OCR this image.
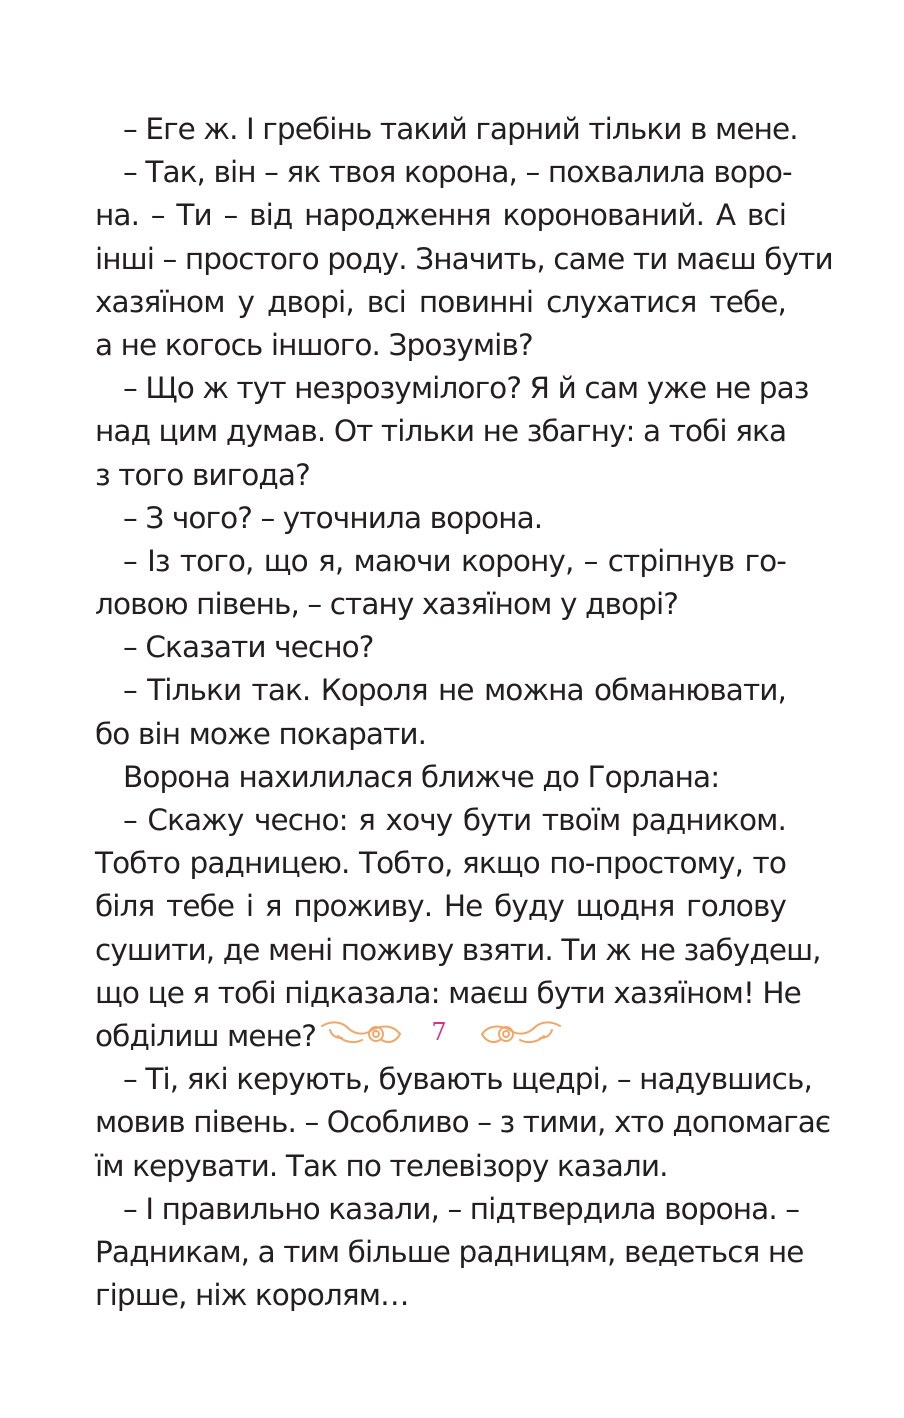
– Еге ж. І гребінь такий гарний тільки в мене.
– Так, він – як твоя корона, – похвалила воро-
на. – Ти – від народження коронований. А всі
інші – простого роду. Значить, саме ти маєш бути
хазяїном у дворі, всі повинні слухатися тебе,
а не когось іншого. Зрозумів?
– Що ж тут незрозумілого? Я й сам уже не раз
над цим думав. От тільки не збагну: а тобі яка
з того вигода?
– З чого? – уточнила ворона.
– Із того, що я, маючи корону, – стріпнув го-
ловою півень, – стану хазяїном у дворі?
– Сказати чесно?
– Тільки так. Короля не можна обманювати,
бо він може покарати.
Ворона нахилилася ближче до Горлана:
– Скажу чесно: я хочу бути твоїм радником.
Тобто радницею. Тобто, якщо по-простому, то
біля тебе і я проживу. Не буду щодня голову
сушити, де мені поживу взяти. Ти ж не забудеш,
що це я тобі підказала: маєш бути хазяїном! Не
обділиш мене?
– Ті, які керують, бувають щедрі, – надувшись,
мовив півень. – Особливо – з тими, хто допомагає
їм керувати. Так по телевізору казали.
– І правильно казали, – підтвердила ворона. –
Радникам, а тим більше радницям, ведеться не
гірше, ніж королям…
7
